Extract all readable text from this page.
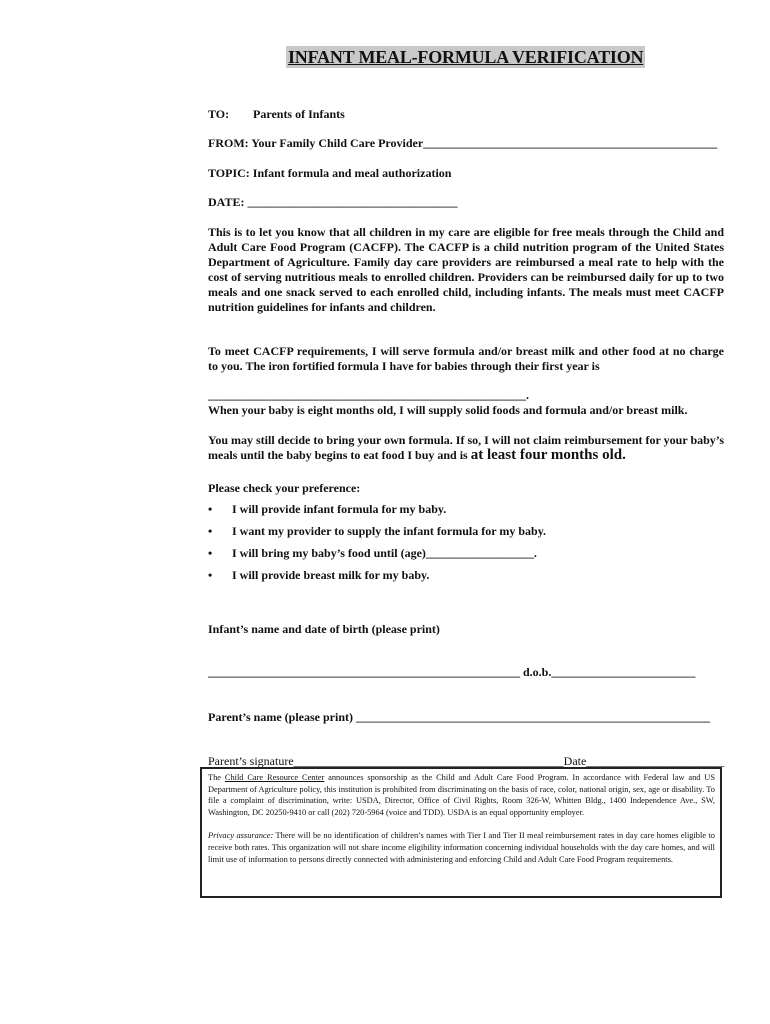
INFANT MEAL-FORMULA VERIFICATION
TO: Parents of Infants
FROM: Your Family Child Care Provider_________________________________________________
TOPIC: Infant formula and meal authorization
DATE: ___________________________________
This is to let you know that all children in my care are eligible for free meals through the Child and Adult Care Food Program (CACFP). The CACFP is a child nutrition program of the United States Department of Agriculture. Family day care providers are reimbursed a meal rate to help with the cost of serving nutritious meals to enrolled children. Providers can be reimbursed daily for up to two meals and one snack served to each enrolled child, including infants. The meals must meet CACFP nutrition guidelines for infants and children.
To meet CACFP requirements, I will serve formula and/or breast milk and other food at no charge to you. The iron fortified formula I have for babies through their first year is
_____________________________________________________.
When your baby is eight months old, I will supply solid foods and formula and/or breast milk.
You may still decide to bring your own formula. If so, I will not claim reimbursement for your baby’s meals until the baby begins to eat food I buy and is at least four months old.
Please check your preference:
• I will provide infant formula for my baby.
• I want my provider to supply the infant formula for my baby.
• I will bring my baby’s food until (age)__________________.
• I will provide breast milk for my baby.
Infant’s name and date of birth (please print)
____________________________________________________ d.o.b.________________________
Parent’s name (please print) ___________________________________________________________
Parent’s signature_____________________________________________Date_______________________

The Child Care Resource Center announces sponsorship as the Child and Adult Care Food Program. In accordance with Federal law and US Department of Agriculture policy, this institution is prohibited from discriminating on the basis of race, color, national origin, sex, age or disability. To file a complaint of discrimination, write: USDA, Director, Office of Civil Rights, Room 326-W, Whitten Bldg., 1400 Independence Ave., SW, Washington, DC 20250-9410 or call (202) 720-5964 (voice and TDD). USDA is an equal opportunity employer.

Privacy assurance: There will be no identification of children’s names with Tier I and Tier II meal reimbursement rates in day care homes eligible to receive both rates. This organization will not share income eligibility information concerning individual households with the day care homes, and will limit use of information to persons directly connected with administering and enforcing Child and Adult Care Food Program requirements.
